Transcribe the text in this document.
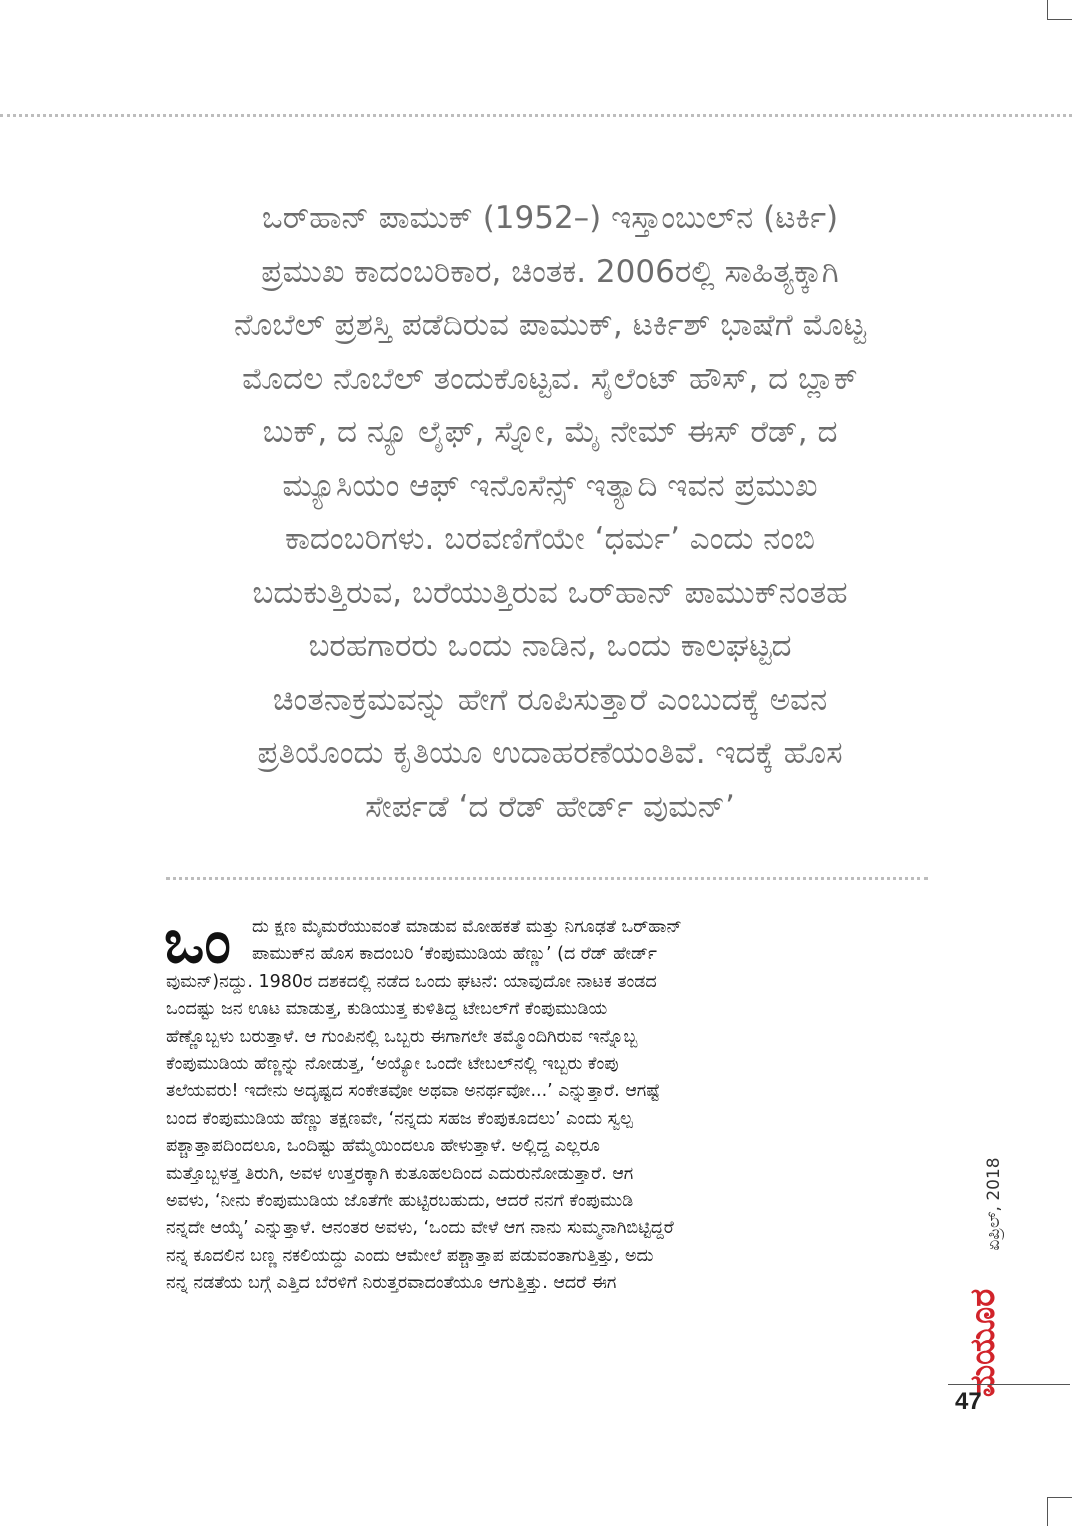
ಒರ್‌ಹಾನ್ ಪಾಮುಕ್ (1952–) ಇಸ್ತಾಂಬುಲ್‌ನ (ಟರ್ಕಿ)
ಪ್ರಮುಖ ಕಾದಂಬರಿಕಾರ, ಚಿಂತಕ. 2006ರಲ್ಲಿ ಸಾಹಿತ್ಯಕ್ಕಾಗಿ
ನೊಬೆಲ್ ಪ್ರಶಸ್ತಿ ಪಡೆದಿರುವ ಪಾಮುಕ್, ಟರ್ಕಿಶ್ ಭಾಷೆಗೆ ಮೊಟ್ಟ
ಮೊದಲ ನೊಬೆಲ್ ತಂದುಕೊಟ್ಟವ. ಸೈಲೆಂಟ್ ಹೌಸ್, ದ ಬ್ಲಾಕ್
ಬುಕ್, ದ ನ್ಯೂ ಲೈಫ್, ಸ್ನೋ, ಮೈ ನೇಮ್ ಈಸ್ ರೆಡ್, ದ
ಮ್ಯೂಸಿಯಂ ಆಫ್ ಇನೊಸೆನ್ಸ್ ಇತ್ಯಾದಿ ಇವನ ಪ್ರಮುಖ
ಕಾದಂಬರಿಗಳು. ಬರವಣಿಗೆಯೇ ‘ಧರ್ಮ’ ಎಂದು ನಂಬಿ
ಬದುಕುತ್ತಿರುವ, ಬರೆಯುತ್ತಿರುವ ಒರ್‌ಹಾನ್ ಪಾಮುಕ್‌ನಂತಹ
ಬರಹಗಾರರು ಒಂದು ನಾಡಿನ, ಒಂದು ಕಾಲಘಟ್ಟದ
ಚಿಂತನಾಕ್ರಮವನ್ನು ಹೇಗೆ ರೂಪಿಸುತ್ತಾರೆ ಎಂಬುದಕ್ಕೆ ಅವನ
ಪ್ರತಿಯೊಂದು ಕೃತಿಯೂ ಉದಾಹರಣೆಯಂತಿವೆ. ಇದಕ್ಕೆ ಹೊಸ
ಸೇರ್ಪಡೆ ‘ದ ರೆಡ್ ಹೇರ್ಡ್ ವುಮನ್’
ಒಂ	ದು ಕ್ಷಣ ಮೈಮರೆಯುವಂತೆ ಮಾಡುವ ಮೋಹಕತೆ ಮತ್ತು ನಿಗೂಢತೆ ಒರ್‌ಹಾನ್
ಪಾಮುಕ್‌ನ ಹೊಸ ಕಾದಂಬರಿ ‘ಕೆಂಪುಮುಡಿಯ ಹೆಣ್ಣು’ (ದ ರೆಡ್ ಹೇರ್ಡ್
ವುಮನ್)ನದ್ದು. 1980ರ ದಶಕದಲ್ಲಿ ನಡೆದ ಒಂದು ಘಟನೆ: ಯಾವುದೋ ನಾಟಕ ತಂಡದ
ಒಂದಷ್ಟು ಜನ ಊಟ ಮಾಡುತ್ತ, ಕುಡಿಯುತ್ತ ಕುಳಿತಿದ್ದ ಟೇಬಲ್‌ಗೆ ಕೆಂಪುಮುಡಿಯ
ಹೆಣ್ಣೊಬ್ಬಳು ಬರುತ್ತಾಳೆ. ಆ ಗುಂಪಿನಲ್ಲಿ ಒಬ್ಬರು ಈಗಾಗಲೇ ತಮ್ಮೊಂದಿಗಿರುವ ಇನ್ನೊಬ್ಬ
ಕೆಂಪುಮುಡಿಯ ಹೆಣ್ಣನ್ನು ನೋಡುತ್ತ, ‘ಅಯ್ಯೋ ಒಂದೇ ಟೇಬಲ್‌ನಲ್ಲಿ ಇಬ್ಬರು ಕೆಂಪು
ತಲೆಯವರು! ಇದೇನು ಅದೃಷ್ಟದ ಸಂಕೇತವೋ ಅಥವಾ ಅನರ್ಥವೋ...’ ಎನ್ನುತ್ತಾರೆ. ಆಗಷ್ಟೆ
ಬಂದ ಕೆಂಪುಮುಡಿಯ ಹೆಣ್ಣು ತಕ್ಷಣವೇ, ‘ನನ್ನದು ಸಹಜ ಕೆಂಪುಕೂದಲು’ ಎಂದು ಸ್ವಲ್ಪ
ಪಶ್ಚಾತ್ತಾಪದಿಂದಲೂ, ಒಂದಿಷ್ಟು ಹೆಮ್ಮೆಯಿಂದಲೂ ಹೇಳುತ್ತಾಳೆ. ಅಲ್ಲಿದ್ದ ಎಲ್ಲರೂ
ಮತ್ತೊಬ್ಬಳತ್ತ ತಿರುಗಿ, ಅವಳ ಉತ್ತರಕ್ಕಾಗಿ ಕುತೂಹಲದಿಂದ ಎದುರುನೋಡುತ್ತಾರೆ. ಆಗ
ಅವಳು, ‘ನೀನು ಕೆಂಪುಮುಡಿಯ ಜೊತೆಗೇ ಹುಟ್ಟಿರಬಹುದು, ಆದರೆ ನನಗೆ ಕೆಂಪುಮುಡಿ
ನನ್ನದೇ ಆಯ್ಕೆ’ ಎನ್ನುತ್ತಾಳೆ. ಆನಂತರ ಅವಳು, ‘ಒಂದು ವೇಳೆ ಆಗ ನಾನು ಸುಮ್ಮನಾಗಿಬಿಟ್ಟಿದ್ದರೆ
ನನ್ನ ಕೂದಲಿನ ಬಣ್ಣ ನಕಲಿಯದ್ದು ಎಂದು ಆಮೇಲೆ ಪಶ್ಚಾತ್ತಾಪ ಪಡುವಂತಾಗುತ್ತಿತ್ತು, ಅದು
ನನ್ನ ನಡತೆಯ ಬಗ್ಗೆ ಎತ್ತಿದ ಬೆರಳಿಗೆ ನಿರುತ್ತರವಾದಂತೆಯೂ ಆಗುತ್ತಿತ್ತು. ಆದರೆ ಈಗ
ಏಪ್ರಿಲ್, 2018
ಮಯೂರ
47
